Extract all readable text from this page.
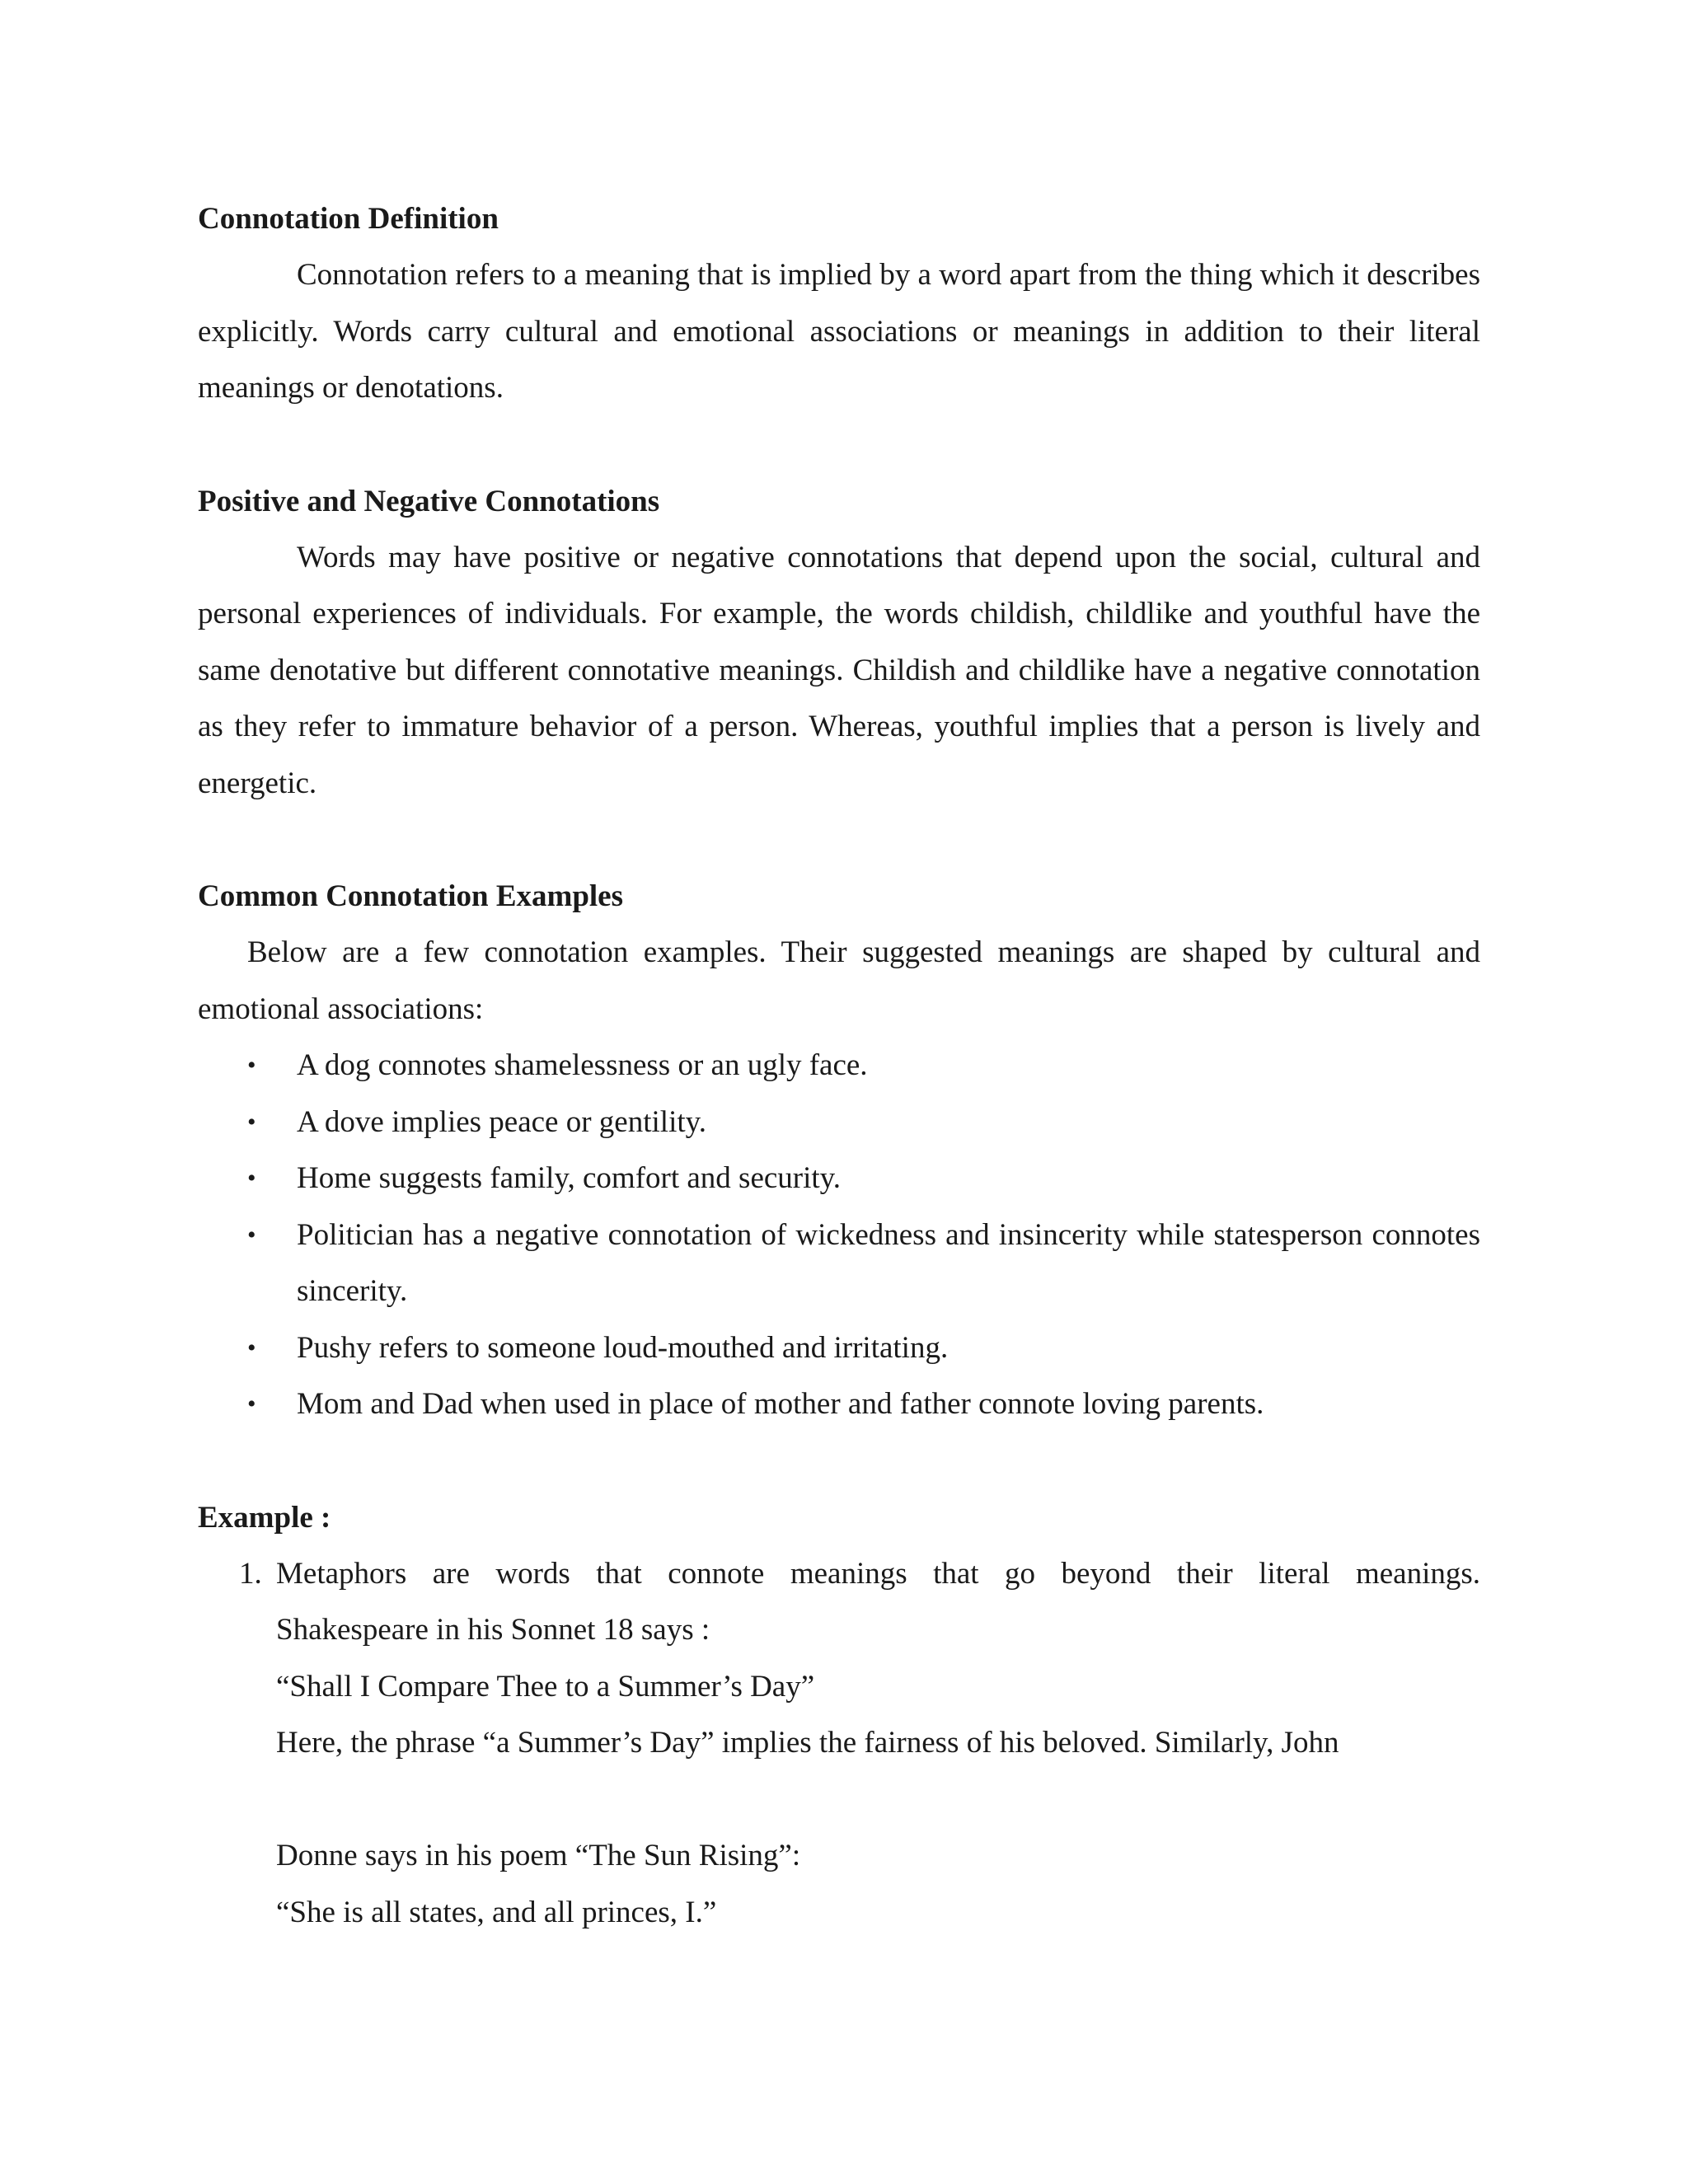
Connotation Definition

Connotation refers to a meaning that is implied by a word apart from the thing which it describes explicitly. Words carry cultural and emotional associations or meanings in addition to their literal meanings or denotations.

Positive and Negative Connotations

Words may have positive or negative connotations that depend upon the social, cultural and personal experiences of individuals. For example, the words childish, childlike and youthful have the same denotative but different connotative meanings. Childish and childlike have a negative connotation as they refer to immature behavior of a person. Whereas, youthful implies that a person is lively and energetic.

Common Connotation Examples

Below are a few connotation examples. Their suggested meanings are shaped by cultural and emotional associations:

•	A dog connotes shamelessness or an ugly face.
•	A dove implies peace or gentility.
•	Home suggests family, comfort and security.
•	Politician has a negative connotation of wickedness and insincerity while statesperson connotes sincerity.
•	Pushy refers to someone loud-mouthed and irritating.
•	Mom and Dad when used in place of mother and father connote loving parents.
Example :
1. Metaphors are words that connote meanings that go beyond their literal meanings.
Shakespeare in his Sonnet 18 says :
“Shall I Compare Thee to a Summer’s Day”
Here, the phrase “a Summer’s Day” implies the fairness of his beloved. Similarly, John
Donne says in his poem “The Sun Rising”:
“She is all states, and all princes, I.”
